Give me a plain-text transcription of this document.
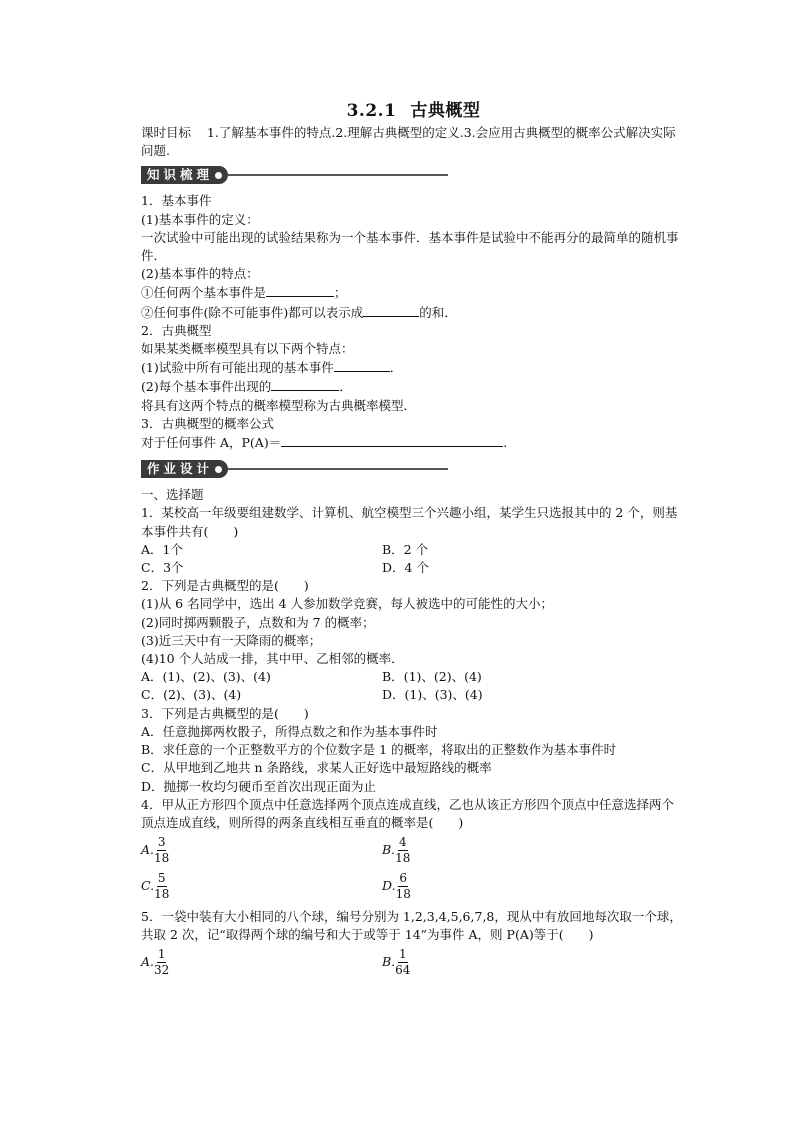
3.2.1 古典概型
课时目标 1.了解基本事件的特点.2.理解古典概型的定义.3.会应用古典概型的概率公式解决实际问题.
知识梳理
1．基本事件
(1)基本事件的定义：
一次试验中可能出现的试验结果称为一个基本事件．基本事件是试验中不能再分的最简单的随机事件．
(2)基本事件的特点：
①任何两个基本事件是	；
②任何事件(除不可能事件)都可以表示成	的和．
2．古典概型
如果某类概率模型具有以下两个特点：
(1)试验中所有可能出现的基本事件	．
(2)每个基本事件出现的	．
将具有这两个特点的概率模型称为古典概率模型．
3．古典概型的概率公式
对于任何事件 A，P(A)＝	.
作业设计
一、选择题
1．某校高一年级要组建数学、计算机、航空模型三个兴趣小组，某学生只选报其中的 2 个，则基本事件共有(　　)
A．1个	B．2 个
C．3个	D．4 个
2．下列是古典概型的是(　　)
(1)从 6 名同学中，选出 4 人参加数学竞赛，每人被选中的可能性的大小；
(2)同时掷两颗骰子，点数和为 7 的概率；
(3)近三天中有一天降雨的概率；
(4)10 个人站成一排，其中甲、乙相邻的概率．
A．(1)、(2)、(3)、(4)	B．(1)、(2)、(4)
C．(2)、(3)、(4)	D．(1)、(3)、(4)
3．下列是古典概型的是(　　)
A．任意抛掷两枚骰子，所得点数之和作为基本事件时
B．求任意的一个正整数平方的个位数字是 1 的概率，将取出的正整数作为基本事件时
C．从甲地到乙地共 n 条路线，求某人正好选中最短路线的概率
D．抛掷一枚均匀硬币至首次出现正面为止
4．甲从正方形四个顶点中任意选择两个顶点连成直线，乙也从该正方形四个顶点中任意选择两个顶点连成直线，则所得的两条直线相互垂直的概率是(　　)
A. $\frac{3}{18}$	B. $\frac{4}{18}$
C. $\frac{5}{18}$	D. $\frac{6}{18}$
5．一袋中装有大小相同的八个球，编号分别为 1,2,3,4,5,6,7,8，现从中有放回地每次取一个球，共取 2 次，记“取得两个球的编号和大于或等于 14”为事件 A，则 P(A)等于(　　)
A. $\frac{1}{32}$	B. $\frac{1}{64}$
